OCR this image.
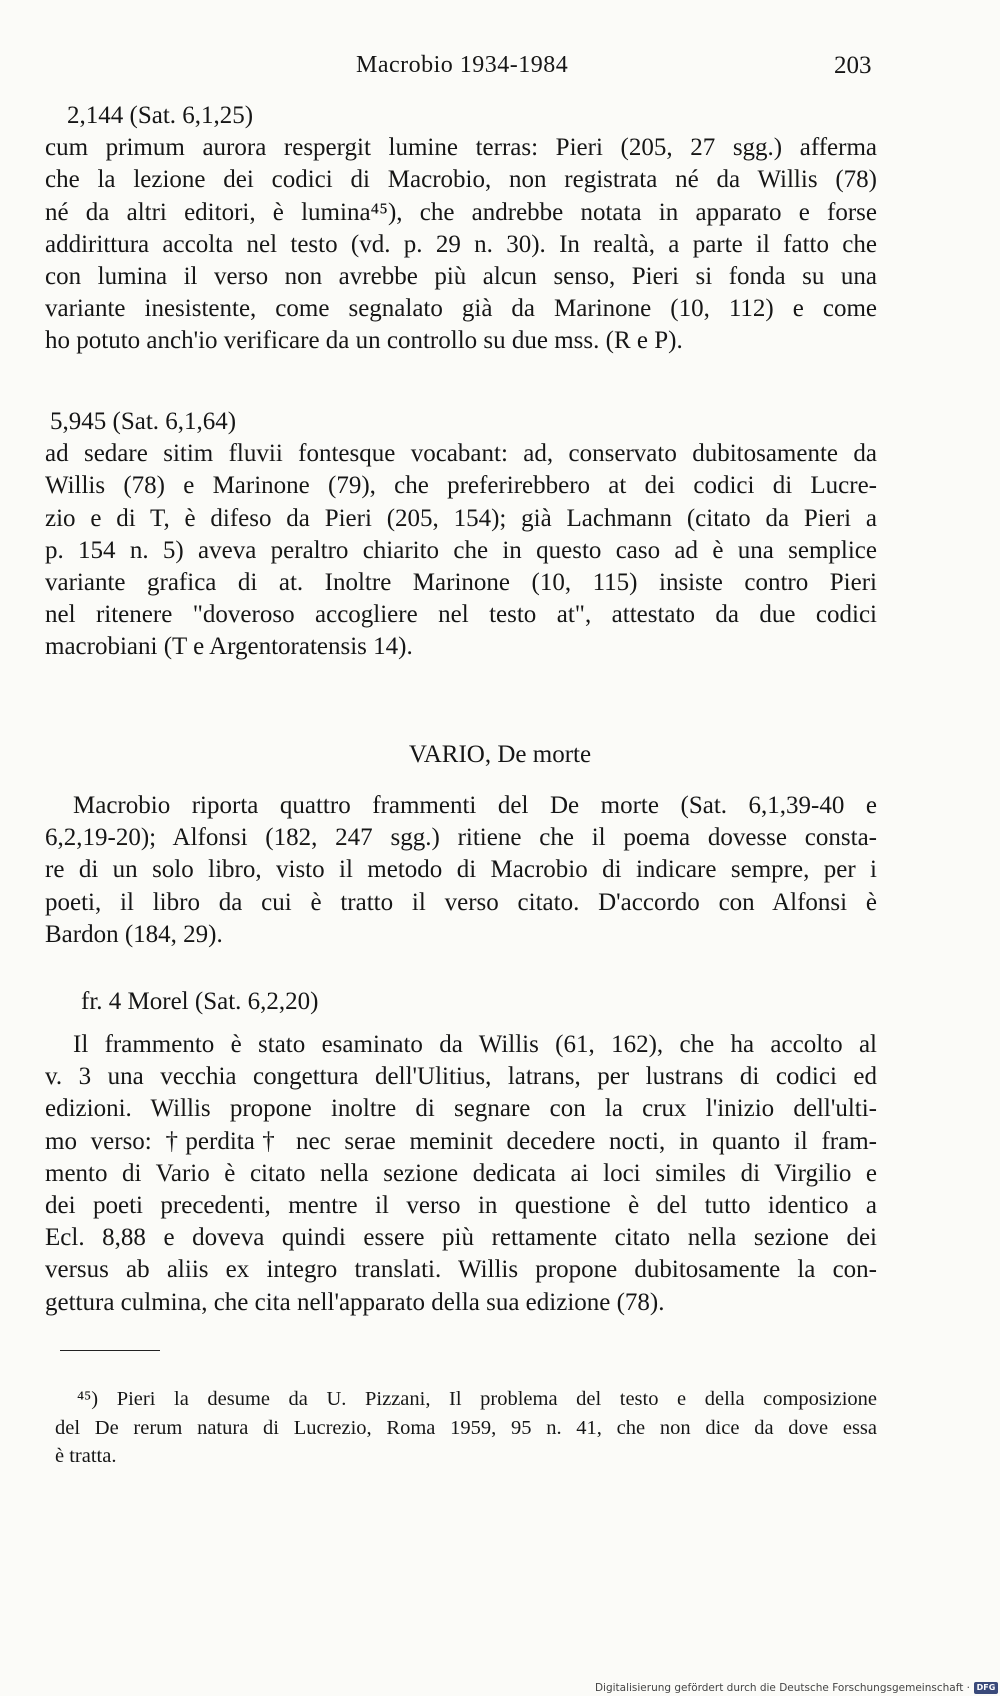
Macrobio 1934-1984	203
2,144 (Sat. 6,1,25)
cum primum aurora respergit lumine terras: Pieri (205, 27 sgg.) afferma
che la lezione dei codici di Macrobio, non registrata né da Willis (78)
né da altri editori, è lumina⁴⁵), che andrebbe notata in apparato e forse
addirittura accolta nel testo (vd. p. 29 n. 30). In realtà, a parte il fatto che
con lumina il verso non avrebbe più alcun senso, Pieri si fonda su una
variante inesistente, come segnalato già da Marinone (10, 112) e come
ho potuto anch'io verificare da un controllo su due mss. (R e P).
5,945 (Sat. 6,1,64)
ad sedare sitim fluvii fontesque vocabant: ad, conservato dubitosamente da
Willis (78) e Marinone (79), che preferirebbero at dei codici di Lucre-
zio e di T, è difeso da Pieri (205, 154); già Lachmann (citato da Pieri a
p. 154 n. 5) aveva peraltro chiarito che in questo caso ad è una semplice
variante grafica di at. Inoltre Marinone (10, 115) insiste contro Pieri
nel ritenere "doveroso accogliere nel testo at", attestato da due codici
macrobiani (T e Argentoratensis 14).
VARIO, De morte
Macrobio riporta quattro frammenti del De morte (Sat. 6,1,39-40 e
6,2,19-20); Alfonsi (182, 247 sgg.) ritiene che il poema dovesse consta-
re di un solo libro, visto il metodo di Macrobio di indicare sempre, per i
poeti, il libro da cui è tratto il verso citato. D'accordo con Alfonsi è
Bardon (184, 29).
fr. 4 Morel (Sat. 6,2,20)
Il frammento è stato esaminato da Willis (61, 162), che ha accolto al
v. 3 una vecchia congettura dell'Ulitius, latrans, per lustrans di codici ed
edizioni. Willis propone inoltre di segnare con la crux l'inizio dell'ulti-
mo verso: †perdita† nec serae meminit decedere nocti, in quanto il fram-
mento di Vario è citato nella sezione dedicata ai loci similes di Virgilio e
dei poeti precedenti, mentre il verso in questione è del tutto identico a
Ecl. 8,88 e doveva quindi essere più rettamente citato nella sezione dei
versus ab aliis ex integro translati. Willis propone dubitosamente la con-
gettura culmina, che cita nell'apparato della sua edizione (78).
⁴⁵) Pieri la desume da U. Pizzani, Il problema del testo e della composizione
del De rerum natura di Lucrezio, Roma 1959, 95 n. 41, che non dice da dove essa
è tratta.
Digitalisierung gefördert durch die Deutsche Forschungsgemeinschaft · DFG
